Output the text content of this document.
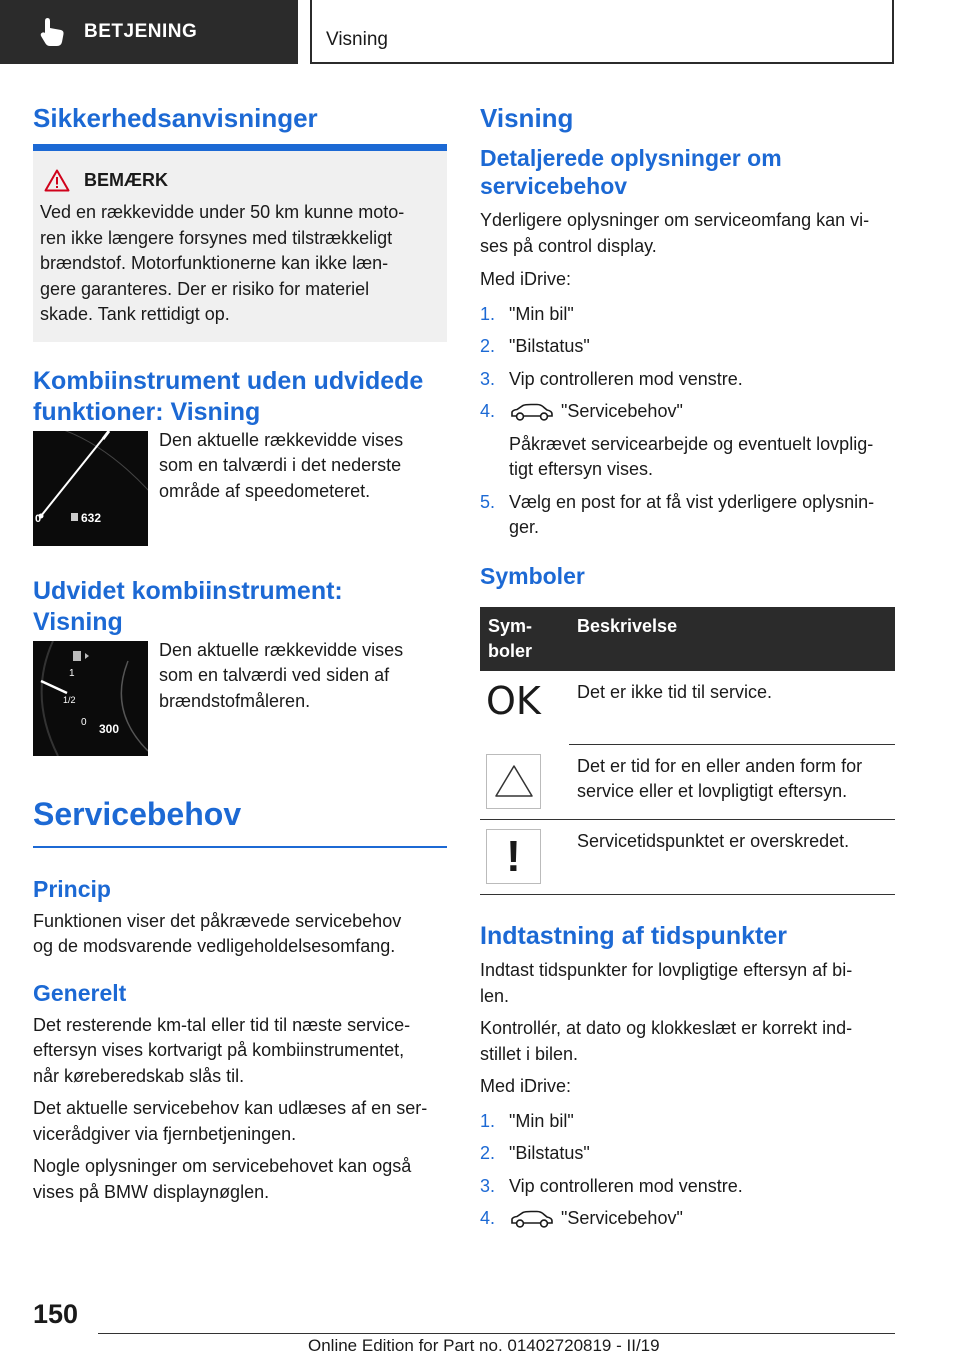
BETJENING	Visning
Sikkerhedsanvisninger
BEMÆRK

Ved en rækkevidde under 50 km kunne moto‐

ren ikke længere forsynes med tilstrækkeligt

brændstof. Motorfunktionerne kan ikke læn‐

gere garanteres. Der er risiko for materiel

skade. Tank rettidigt op.

Kombiinstrument uden udvidede
funktioner: Visning
0	632

Den aktuelle rækkevidde vises

som en talværdi i det nederste

område af speedometeret.

Udvidet kombiinstrument:
Visning
1
1/2
0 300

Den aktuelle rækkevidde vises

som en talværdi ved siden af

brændstofmåleren.

Servicebehov
Princip

Funktionen viser det påkrævede servicebehov

og de modsvarende vedligeholdelsesomfang.

Generelt

Det resterende km-tal eller tid til næste service‐

eftersyn vises kortvarigt på kombiinstrumentet,

når køreberedskab slås til.

Det aktuelle servicebehov kan udlæses af en ser‐

vicerådgiver via fjernbetjeningen.

Nogle oplysninger om servicebehovet kan også

vises på BMW displaynøglen.

Visning
Detaljerede oplysninger om
servicebehov

Yderligere oplysninger om serviceomfang kan vi‐

ses på control display.

Med iDrive:

1. "Min bil"
2. "Bilstatus"
3. Vip controlleren mod venstre.
4.	"Servicebehov"
Påkrævet servicearbejde og eventuelt lovplig‐
tigt eftersyn vises.
5. Vælg en post for at få vist yderligere oplysnin‐
ger.
Symboler
Sym‐
boler	Beskrivelse

OK	Det er ikke tid til service.

	Det er tid for en eller anden form for
service eller et lovpligtigt eftersyn.

!	Servicetidspunktet er overskredet.
Indtastning af tidspunkter

Indtast tidspunkter for lovpligtige eftersyn af bi‐

len.

Kontrollér, at dato og klokkeslæt er korrekt ind‐

stillet i bilen.

Med iDrive:

1. "Min bil"
2. "Bilstatus"
3. Vip controlleren mod venstre.
4.	"Servicebehov"
150
Online Edition for Part no. 01402720819 - II/19
